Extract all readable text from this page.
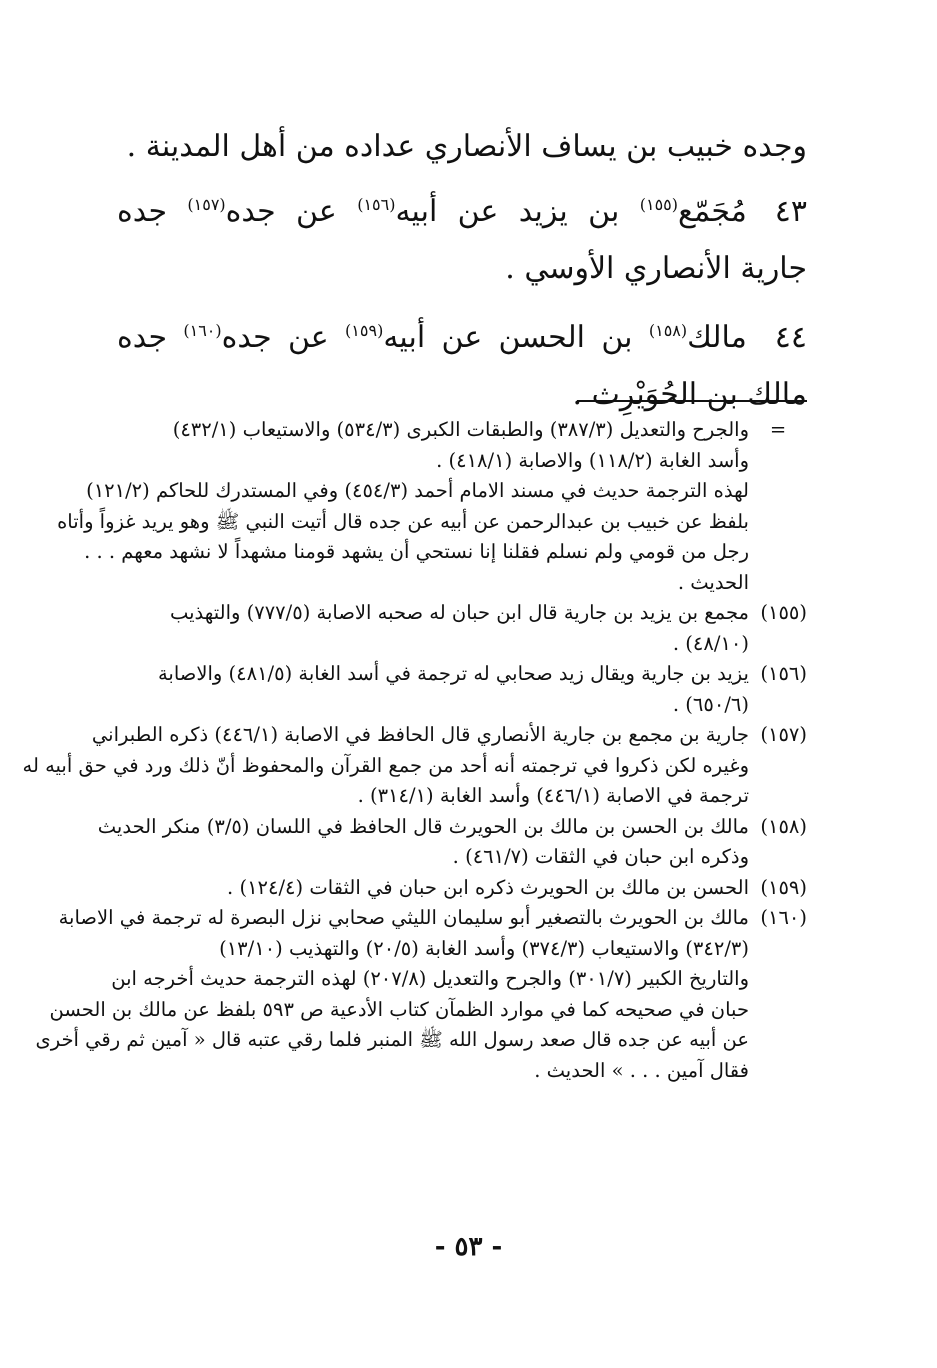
وجده خبيب بن يساف الأنصاري عداده من أهل المدينة .

٤٣مُجَمّع$^{(١٥٥)}$ بن يزيد عن أبيه$^{(١٥٦)}$ عن جده$^{(١٥٧)}$ جده جارية الأنصاري الأوسي .

٤٤مالك$^{(١٥٨)}$ بن الحسن عن أبيه$^{(١٥٩)}$ عن جده$^{(١٦٠)}$ جده مالك بن الحُوَيْرِث .

=
والجرح والتعديل (٣٨٧/٣) والطبقات الكبرى (٥٣٤/٣) والاستيعاب (٤٣٢/١)
وأسد الغابة (١١٨/٢) والاصابة (٤١٨/١) .
لهذه الترجمة حديث في مسند الامام أحمد (٤٥٤/٣) وفي المستدرك للحاكم (١٢١/٢)
بلفظ عن خبيب بن عبدالرحمن عن أبيه عن جده قال أتيت النبي ﷺ وهو يريد غزواً وأتاه
رجل من قومي ولم نسلم فقلنا إنا نستحي أن يشهد قومنا مشهداً لا نشهد معهم . . .
الحديث .
(١٥٥)
مجمع بن يزيد بن جارية قال ابن حبان له صحبه الاصابة (٧٧٧/٥) والتهذيب
(٤٨/١٠) .
(١٥٦)
يزيد بن جارية ويقال زيد صحابي له ترجمة في أسد الغابة (٤٨١/٥) والاصابة
(٦٥٠/٦) .
(١٥٧)
جارية بن مجمع بن جارية الأنصاري قال الحافظ في الاصابة (٤٤٦/١) ذكره الطبراني
وغيره لكن ذكروا في ترجمته أنه أحد من جمع القرآن والمحفوظ أنّ ذلك ورد في حق أبيه له
ترجمة في الاصابة (٤٤٦/١) وأسد الغابة (٣١٤/١) .
(١٥٨)
مالك بن الحسن بن مالك بن الحويرث قال الحافظ في اللسان (٣/٥) منكر الحديث
وذكره ابن حبان في الثقات (٤٦١/٧) .
(١٥٩)
الحسن بن مالك بن الحويرث ذكره ابن حبان في الثقات (١٢٤/٤) .
(١٦٠)
مالك بن الحويرث بالتصغير أبو سليمان الليثي صحابي نزل البصرة له ترجمة في الاصابة
(٣٤٢/٣) والاستيعاب (٣٧٤/٣) وأسد الغابة (٢٠/٥) والتهذيب (١٣/١٠)
والتاريخ الكبير (٣٠١/٧) والجرح والتعديل (٢٠٧/٨) لهذه الترجمة حديث أخرجه ابن
حبان في صحيحه كما في موارد الظمآن كتاب الأدعية ص ٥٩٣ بلفظ عن مالك بن الحسن
عن أبيه عن جده قال صعد رسول الله ﷺ المنبر فلما رقي عتبه قال « آمين ثم رقي أخرى
فقال آمين . . . » الحديث .
- ٥٣ -
